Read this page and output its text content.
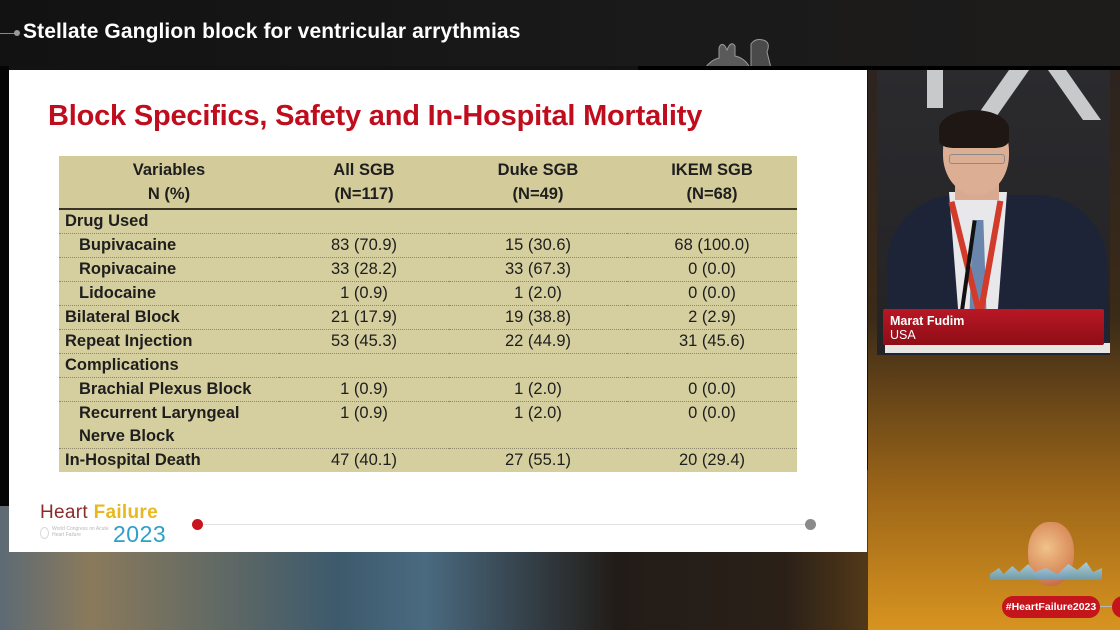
Stellate Ganglion block for ventricular arrythmias
Block Specifics, Safety and In-Hospital Mortality
Variables	All SGB	Duke SGB	IKEM SGB
N (%)	(N=117)	(N=49)	(N=68)
Drug Used			
Bupivacaine	83 (70.9)	15 (30.6)	68 (100.0)
Ropivacaine	33 (28.2)	33 (67.3)	0 (0.0)
Lidocaine	1 (0.9)	1 (2.0)	0 (0.0)
Bilateral Block	21 (17.9)	19 (38.8)	2 (2.9)
Repeat Injection	53 (45.3)	22 (44.9)	31 (45.6)
Complications			
Brachial Plexus Block	1 (0.9)	1 (2.0)	0 (0.0)
Recurrent Laryngeal	1 (0.9)	1 (2.0)	0 (0.0)
Nerve Block			
In-Hospital Death	47 (40.1)	27 (55.1)	20 (29.4)
Heart Failure
World Congress on Acute Heart Failure	2023
Marat Fudim
USA
#HeartFailure2023
